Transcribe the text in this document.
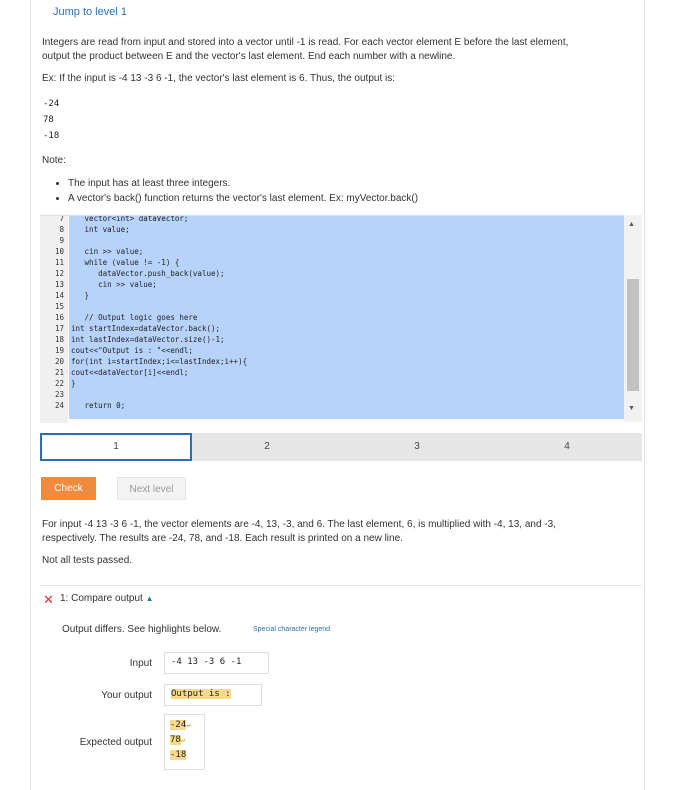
Jump to level 1
Integers are read from input and stored into a vector until -1 is read. For each vector element E before the last element,
output the product between E and the vector's last element. End each number with a newline.
Ex: If the input is -4 13 -3 6 -1, the vector's last element is 6. Thus, the output is:
-24
78
-18
Note:
• The input has at least three integers.
• A vector's back() function returns the vector's last element. Ex: myVector.back()
7 vector<int> dataVector;
8 int value;
9
10 cin >> value;
11 while (value != -1) {
12 dataVector.push_back(value);
13 cin >> value;
14 }
15
16 // Output logic goes here
17 int startIndex=dataVector.back();
18 int lastIndex=dataVector.size()-1;
19 cout<<"Output is : "<<endl;
20 for(int i=startIndex;i<=lastIndex;i++){
21 cout<<dataVector[i]<<endl;
22 }
23
24 return 0;
▲
▼
1	2	3	4
Check	Next level
For input -4 13 -3 6 -1, the vector elements are -4, 13, -3, and 6. The last element, 6, is multiplied with -4, 13, and -3,
respectively. The results are -24, 78, and -18. Each result is printed on a new line.
Not all tests passed.
✕ 1: Compare output ▲
Output differs. See highlights below.	Special character legend
Input	-4 13 -3 6 -1
Your output	Output is :
Expected output
-24↵
78↵
-18
